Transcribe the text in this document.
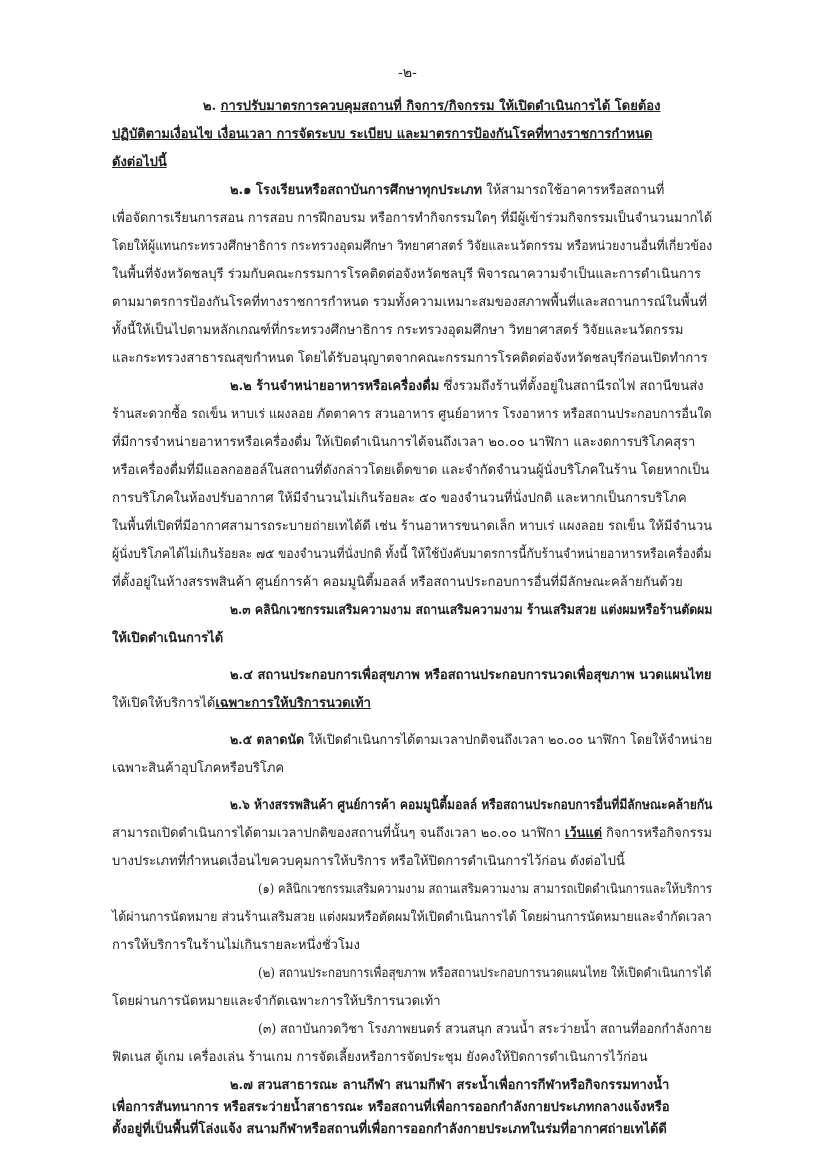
-๒-
๒. การปรับมาตรการควบคุมสถานที่ กิจการ/กิจกรรม ให้เปิดดำเนินการได้ โดยต้อง
ปฏิบัติตามเงื่อนไข เงื่อนเวลา การจัดระบบ ระเบียบ และมาตรการป้องกันโรคที่ทางราชการกำหนด
ดังต่อไปนี้
๒.๑ โรงเรียนหรือสถาบันการศึกษาทุกประเภท ให้สามารถใช้อาคารหรือสถานที่
เพื่อจัดการเรียนการสอน การสอบ การฝึกอบรม หรือการทำกิจกรรมใดๆ ที่มีผู้เข้าร่วมกิจกรรมเป็นจำนวนมากได้
โดยให้ผู้แทนกระทรวงศึกษาธิการ กระทรวงอุดมศึกษา วิทยาศาสตร์ วิจัยและนวัตกรรม หรือหน่วยงานอื่นที่เกี่ยวข้อง
ในพื้นที่จังหวัดชลบุรี ร่วมกับคณะกรรมการโรคติดต่อจังหวัดชลบุรี พิจารณาความจำเป็นและการดำเนินการ
ตามมาตรการป้องกันโรคที่ทางราชการกำหนด รวมทั้งความเหมาะสมของสภาพพื้นที่และสถานการณ์ในพื้นที่
ทั้งนี้ให้เป็นไปตามหลักเกณฑ์ที่กระทรวงศึกษาธิการ กระทรวงอุดมศึกษา วิทยาศาสตร์ วิจัยและนวัตกรรม
และกระทรวงสาธารณสุขกำหนด โดยได้รับอนุญาตจากคณะกรรมการโรคติดต่อจังหวัดชลบุรีก่อนเปิดทำการ
๒.๒ ร้านจำหน่ายอาหารหรือเครื่องดื่ม ซึ่งรวมถึงร้านที่ตั้งอยู่ในสถานีรถไฟ สถานีขนส่ง
ร้านสะดวกซื้อ รถเข็น หาบเร่ แผงลอย ภัตตาคาร สวนอาหาร ศูนย์อาหาร โรงอาหาร หรือสถานประกอบการอื่นใด
ที่มีการจำหน่ายอาหารหรือเครื่องดื่ม ให้เปิดดำเนินการได้จนถึงเวลา ๒๐.๐๐ นาฬิกา และงดการบริโภคสุรา
หรือเครื่องดื่มที่มีแอลกอฮอล์ในสถานที่ดังกล่าวโดยเด็ดขาด และจำกัดจำนวนผู้นั่งบริโภคในร้าน โดยหากเป็น
การบริโภคในห้องปรับอากาศ ให้มีจำนวนไม่เกินร้อยละ ๕๐ ของจำนวนที่นั่งปกติ และหากเป็นการบริโภค
ในพื้นที่เปิดที่มีอากาศสามารถระบายถ่ายเทได้ดี เช่น ร้านอาหารขนาดเล็ก หาบเร่ แผงลอย รถเข็น ให้มีจำนวน
ผู้นั่งบริโภคได้ไม่เกินร้อยละ ๗๕ ของจำนวนที่นั่งปกติ ทั้งนี้ ให้ใช้บังคับมาตรการนี้กับร้านจำหน่ายอาหารหรือเครื่องดื่ม
ที่ตั้งอยู่ในห้างสรรพสินค้า ศูนย์การค้า คอมมูนิตี้มอลล์ หรือสถานประกอบการอื่นที่มีลักษณะคล้ายกันด้วย
๒.๓ คลินิกเวชกรรมเสริมความงาม สถานเสริมความงาม ร้านเสริมสวย แต่งผมหรือร้านตัดผม
ให้เปิดดำเนินการได้
๒.๔ สถานประกอบการเพื่อสุขภาพ หรือสถานประกอบการนวดเพื่อสุขภาพ นวดแผนไทย
ให้เปิดให้บริการได้เฉพาะการให้บริการนวดเท้า
๒.๕ ตลาดนัด ให้เปิดดำเนินการได้ตามเวลาปกติจนถึงเวลา ๒๐.๐๐ นาฬิกา โดยให้จำหน่าย
เฉพาะสินค้าอุปโภคหรือบริโภค
๒.๖ ห้างสรรพสินค้า ศูนย์การค้า คอมมูนิตี้มอลล์ หรือสถานประกอบการอื่นที่มีลักษณะคล้ายกัน
สามารถเปิดดำเนินการได้ตามเวลาปกติของสถานที่นั้นๆ จนถึงเวลา ๒๐.๐๐ นาฬิกา เว้นแต่ กิจการหรือกิจกรรม
บางประเภทที่กำหนดเงื่อนไขควบคุมการให้บริการ หรือให้ปิดการดำเนินการไว้ก่อน ดังต่อไปนี้
(๑) คลินิกเวชกรรมเสริมความงาม สถานเสริมความงาม สามารถเปิดดำเนินการและให้บริการ
ได้ผ่านการนัดหมาย ส่วนร้านเสริมสวย แต่งผมหรือตัดผมให้เปิดดำเนินการได้ โดยผ่านการนัดหมายและจำกัดเวลา
การให้บริการในร้านไม่เกินรายละหนึ่งชั่วโมง
(๒) สถานประกอบการเพื่อสุขภาพ หรือสถานประกอบการนวดแผนไทย ให้เปิดดำเนินการได้
โดยผ่านการนัดหมายและจำกัดเฉพาะการให้บริการนวดเท้า
(๓) สถาบันกวดวิชา โรงภาพยนตร์ สวนสนุก สวนน้ำ สระว่ายน้ำ สถานที่ออกกำลังกาย
ฟิตเนส ตู้เกม เครื่องเล่น ร้านเกม การจัดเลี้ยงหรือการจัดประชุม ยังคงให้ปิดการดำเนินการไว้ก่อน
๒.๗ สวนสาธารณะ ลานกีฬา สนามกีฬา สระน้ำเพื่อการกีฬาหรือกิจกรรมทางน้ำ
เพื่อการสันทนาการ หรือสระว่ายน้ำสาธารณะ หรือสถานที่เพื่อการออกกำลังกายประเภทกลางแจ้งหรือ
ตั้งอยู่ที่เป็นพื้นที่โล่งแจ้ง สนามกีฬาหรือสถานที่เพื่อการออกกำลังกายประเภทในร่มที่อากาศถ่ายเทได้ดี
